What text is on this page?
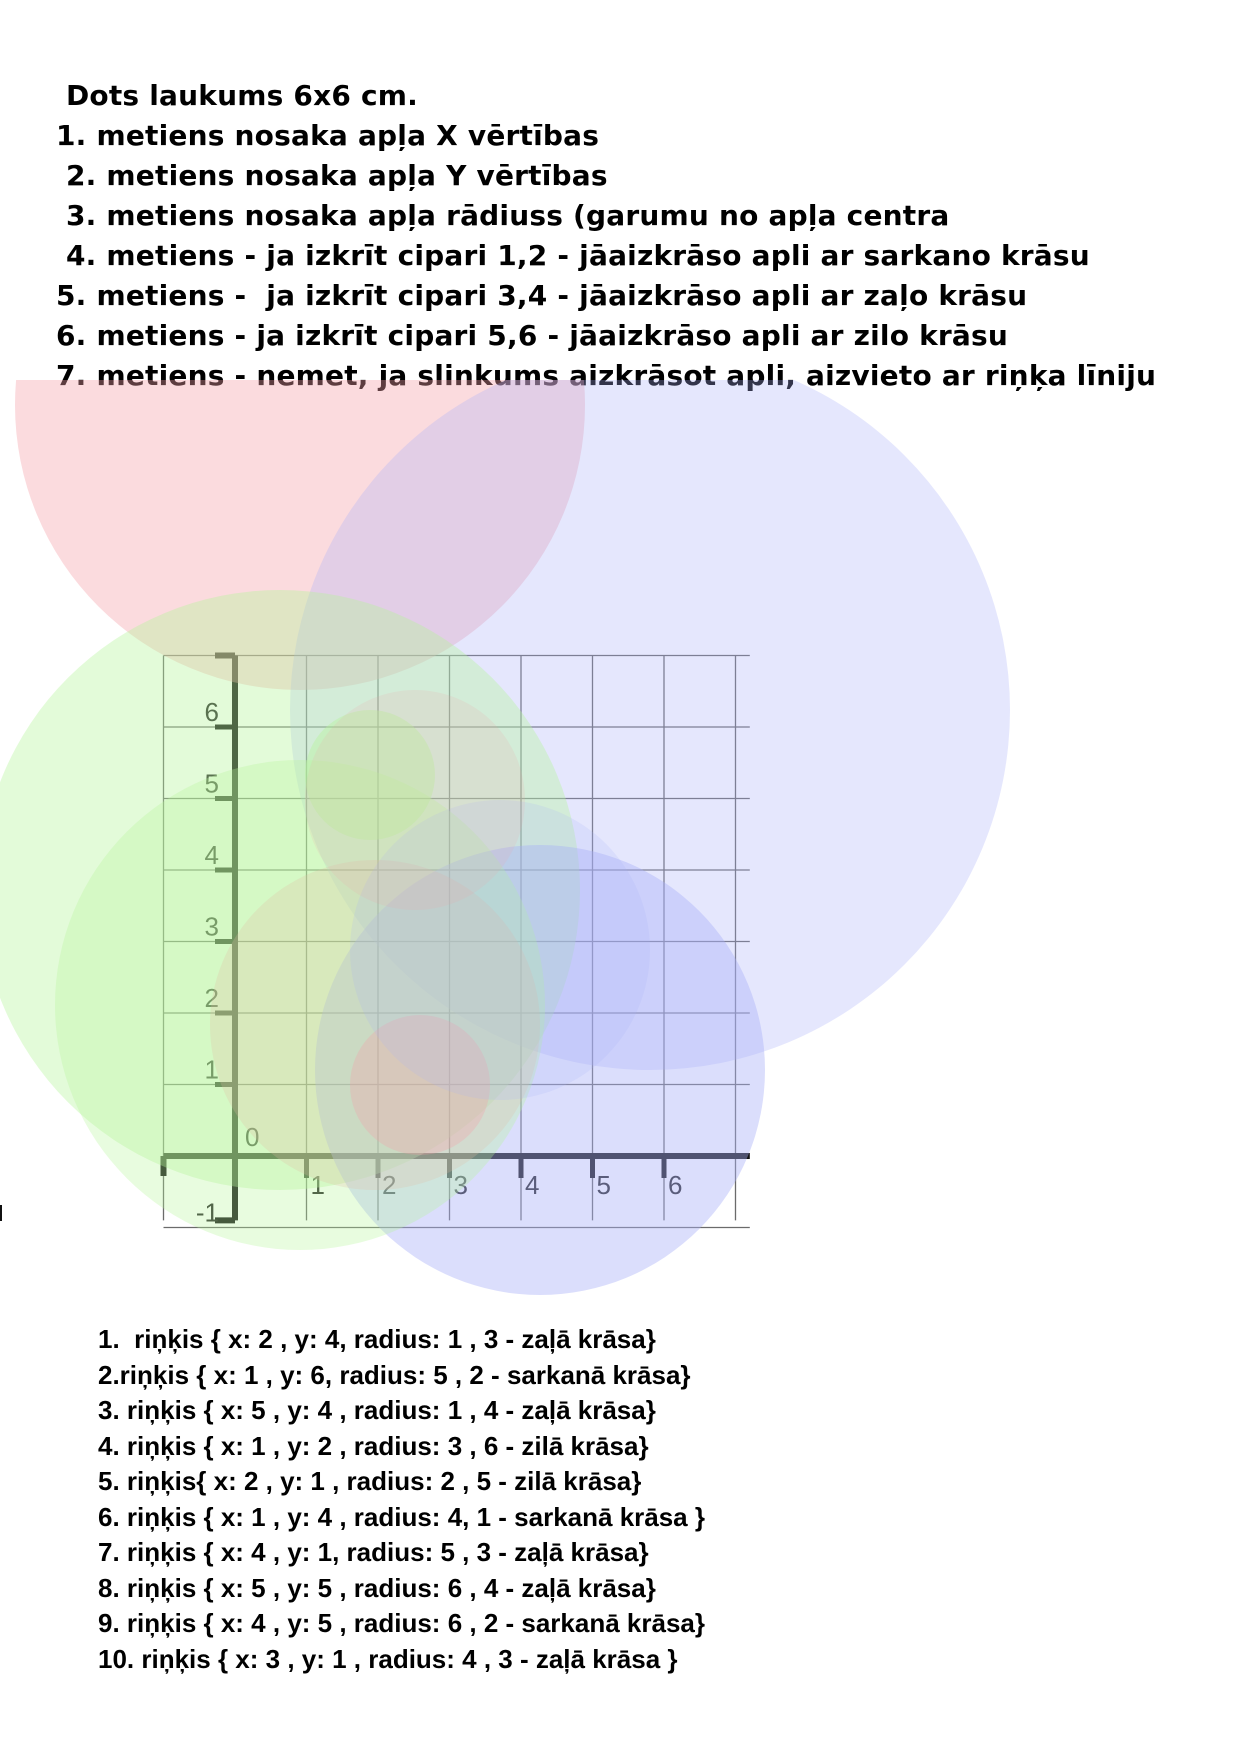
Dots laukums 6x6 cm.
1. metiens nosaka apļa X vērtības
2. metiens nosaka apļa Y vērtības
3. metiens nosaka apļa rādiuss (garumu no apļa centra
4. metiens - ja izkrīt cipari 1,2 - jāaizkrāso apli ar sarkano krāsu
5. metiens -  ja izkrīt cipari 3,4 - jāaizkrāso apli ar zaļo krāsu
6. metiens - ja izkrīt cipari 5,6 - jāaizkrāso apli ar zilo krāsu
7. metiens - nemet, ja slinkums aizkrāsot apli, aizvieto ar riņķa līniju
1 2 3 4 5 6
-1
1
2
3
4
5
6
0
1.  riņķis { x: 2 , y: 4, radius: 1 , 3 - zaļā krāsa}
2.riņķis { x: 1 , y: 6, radius: 5 , 2 - sarkanā krāsa}
3. riņķis { x: 5 , y: 4 , radius: 1 , 4 - zaļā krāsa}
4. riņķis { x: 1 , y: 2 , radius: 3 , 6 - zilā krāsa}
5. riņķis{ x: 2 , y: 1 , radius: 2 , 5 - zilā krāsa}
6. riņķis { x: 1 , y: 4 , radius: 4, 1 - sarkanā krāsa }
7. riņķis { x: 4 , y: 1, radius: 5 , 3 - zaļā krāsa}
8. riņķis { x: 5 , y: 5 , radius: 6 , 4 - zaļā krāsa}
9. riņķis { x: 4 , y: 5 , radius: 6 , 2 - sarkanā krāsa}
10. riņķis { x: 3 , y: 1 , radius: 4 , 3 - zaļā krāsa }
